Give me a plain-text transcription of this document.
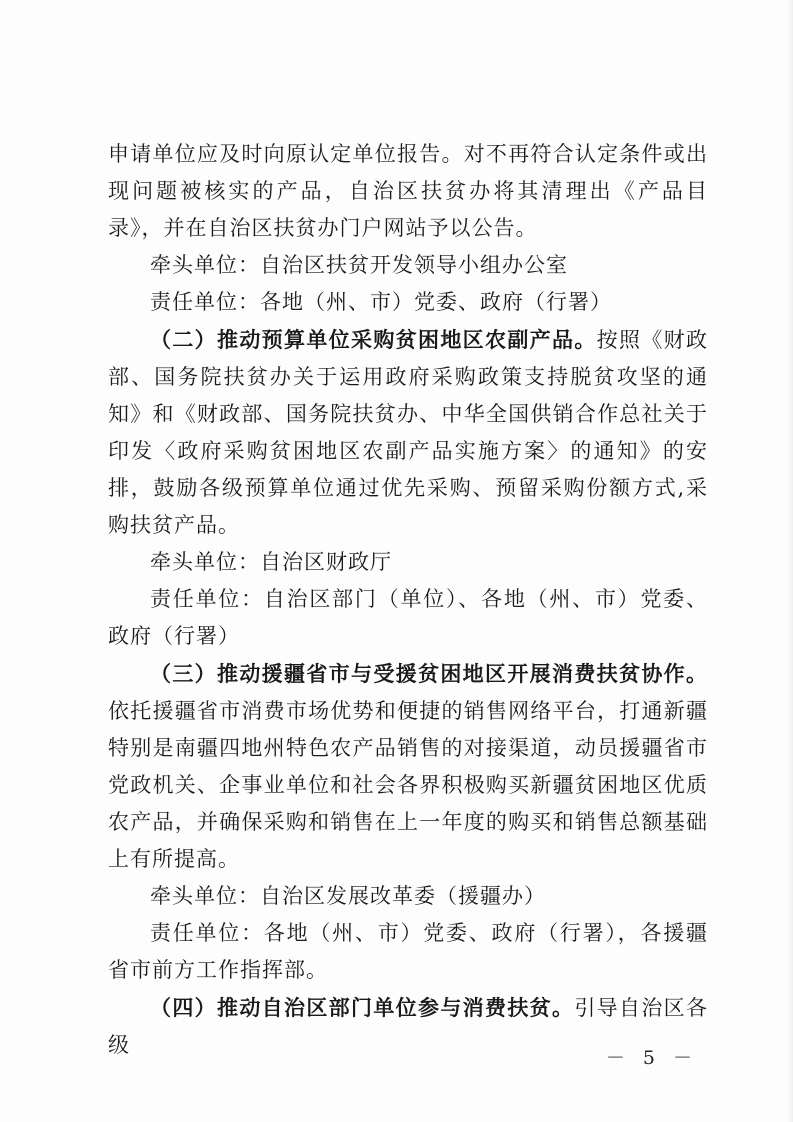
申请单位应及时向原认定单位报告。对不再符合认定条件或出现问题被核实的产品，自治区扶贫办将其清理出《产品目录》，并在自治区扶贫办门户网站予以公告。

牵头单位：自治区扶贫开发领导小组办公室

责任单位：各地（州、市）党委、政府（行署）

（二）推动预算单位采购贫困地区农副产品。按照《财政部、国务院扶贫办关于运用政府采购政策支持脱贫攻坚的通知》和《财政部、国务院扶贫办、中华全国供销合作总社关于印发〈政府采购贫困地区农副产品实施方案〉的通知》的安排，鼓励各级预算单位通过优先采购、预留采购份额方式,采购扶贫产品。

牵头单位：自治区财政厅

责任单位：自治区部门（单位）、各地（州、市）党委、政府（行署）

（三）推动援疆省市与受援贫困地区开展消费扶贫协作。依托援疆省市消费市场优势和便捷的销售网络平台，打通新疆特别是南疆四地州特色农产品销售的对接渠道，动员援疆省市党政机关、企事业单位和社会各界积极购买新疆贫困地区优质农产品，并确保采购和销售在上一年度的购买和销售总额基础上有所提高。

牵头单位：自治区发展改革委（援疆办）

责任单位：各地（州、市）党委、政府（行署），各援疆省市前方工作指挥部。

（四）推动自治区部门单位参与消费扶贫。引导自治区各级

－ 5 －
